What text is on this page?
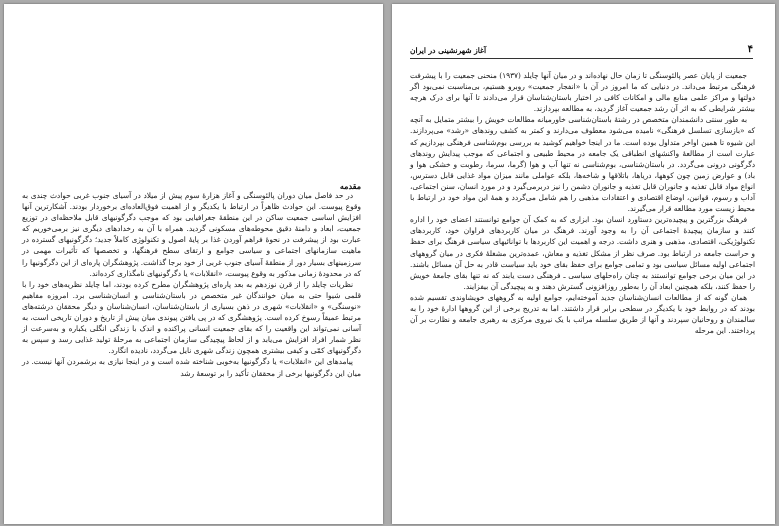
مقدمه

در حد فاصل میان دوران پالئوسنگی و آغاز هزارهٔ سوم پیش از میلاد در آسیای جنوب غربی حوادث چندی به وقوع پیوست. این حوادث ظاهراً در ارتباط با یکدیگر و از اهمیت فوق‌العاده‌ای برخوردار بودند. آشکارترین آنها افزایش اساسی جمعیت ساکن در این منطقهٔ جغرافیایی بود که موجب دگرگونیهای قابل ملاحظه‌ای در توزیع جمعیت، ابعاد و دامنهٔ دقیق محوطه‌های مسکونی گردید. همراه با آن به رخدادهای دیگری نیز برمی‌خوریم که عبارت بود از پیشرفت در نحوهٔ فراهم آوردن غذا بر پایهٔ اصول و تکنولوژی کاملاً جدید؛ دگرگونیهای گسترده در ماهیت سازمانهای اجتماعی و سیاسی جوامع و ارتقای سطح فرهنگها، و تخصصها که تأثیرات مهمی در سرزمینهای بسیار دور از منطقهٔ آسیای جنوب غربی از خود برجا گذاشت. پژوهشگران پاره‌ای از این دگرگونیها را که در محدودهٔ زمانی مذکور به وقوع پیوست، «انقلابات» یا دگرگونیهای نامگذاری کرده‌اند.

نظریات چایلد را از قرن نوزدهم به بعد پاره‌ای پژوهشگران مطرح کرده بودند، اما چایلد نظریه‌های خود را با قلمی شیوا حتی به میان خوانندگان غیر متخصص در باستان‌شناسی و انسان‌شناسی برد. امروزه مفاهیم «نوسنگی» و «انقلابات» شهری در ذهن بسیاری از باستان‌شناسان، انسان‌شناسان و دیگر محققان درشته‌های مرتبط عمیقاً رسوخ کرده است. پژوهشگری که در پی یافتن پیوندی میان پیش از تاریخ و دوران تاریخی است، به آسانی نمی‌تواند این واقعیت را که بقای جمعیت انسانی پراکنده و اندک با زندگی انگلی یکباره و به‌سرعت از نظر شمار افراد افزایش می‌یابد و از لحاظ پیچیدگی سازمان اجتماعی به مرحلهٔ تولید غذایی رسد و سپس به دگرگونیهای کمّی و کیفی بیشتری همچون زندگی شهری نایل می‌گردد، نادیده انگارد.

پیامدهای این «انقلابات» یا دگرگونیها به‌خوبی شناخته شده است و در اینجا نیازی به برشمردن آنها نیست. در میان این دگرگونیها برخی از محققان تأکید را بر توسعهٔ رشد

۴
آغاز شهرنشینی در ایران

جمعیت از پایان عصر پالئوسنگی تا زمان حال نهاده‌اند و در میان آنها چایلد (۱۹۳۷) منحنی جمعیت را با پیشرفت فرهنگی مرتبط می‌داند. در دنیایی که ما امروز در آن با «انفجار جمعیت» روبرو هستیم، بی‌مناسبت نمی‌بود اگر دولتها و مراکز علمی منابع مالی و امکانات کافی در اختیار باستان‌شناسان قرار می‌دادند تا آنها برای درک هرچه بیشتر شرایطی که به اثر آن رشد جمعیت آغاز گردید، به مطالعه بپردازند.

به طور سنتی دانشمندان متخصص در رشتهٔ باستان‌شناسی خاورمیانه مطالعات خویش را بیشتر متمایل به آنچه که «بازسازی تسلسل فرهنگی» نامیده می‌شود معطوف می‌دارند و کمتر به کشف روندهای «رشد» می‌پردازند. این شیوه تا همین اواخر متداول بوده است. ما در اینجا خواهیم کوشید به بررسی بوم‌شناسی فرهنگی بپردازیم که عبارت است از مطالعهٔ واکنشهای انطباقی یک جامعه در محیط طبیعی و اجتماعی که موجب پیدایش روندهای دگرگونی درونی می‌گردد. در باستان‌شناسی، بوم‌شناسی نه تنها آب و هوا (گرما، سرما، رطوبت و خشکی هوا و باد) و عوارض زمین چون کوهها، دریاها، باتلاقها و شاخه‌ها، بلکه عواملی مانند میزان مواد غذایی قابل دسترس، انواع مواد قابل تغذیه و جانوران قابل تغذیه و جانوران دشمن را نیز دربرمی‌گیرد و در مورد انسان، سنن اجتماعی، آداب و رسوم، قوانین، اوضاع اقتصادی و اعتقادات مذهبی را هم شامل می‌گردد و همهٔ این مواد خود در ارتباط با محیط زیست مورد مطالعه قرار می‌گیرند.

فرهنگ بزرگترین و پیچیده‌ترین دستاورد انسان بود. ابزاری که به کمک آن جوامع توانستند اعضای خود را اداره کنند و سازمان پیچیدهٔ اجتماعی آن را به وجود آورند. فرهنگ در میان کاربردهای فراوان خود، کاربردهای تکنولوژیکی، اقتصادی، مذهبی و هنری داشت. درجه و اهمیت این کاربردها با توانائیهای سیاسی فرهنگ برای حفظ و حراست جامعه در ارتباط بود. صرف نظر از مشکل تغذیه و معاش، عمده‌ترین مشغلهٔ فکری در میان گروههای اجتماعی اولیه مسائل سیاسی بود و تمامی جوامع برای حفظ بقای خود باید سیاست قادر به حل آن مسائل باشند. در این میان برخی جوامع توانستند به چنان راه‌حلهای سیاسی ـ فرهنگی دست یابند که نه تنها بقای جامعهٔ خویش را حفظ کنند، بلکه همچنین ابعاد آن را به‌طور روزافزونی گسترش دهند و به پیچیدگی آن بیفزایند.

همان گونه که از مطالعات انسان‌شناسان جدید آموخته‌ایم، جوامع اولیه به گروههای خویشاوندی تقسیم شده بودند که در روابط خود با یکدیگر در سطحی برابر قرار داشتند. اما به تدریج برخی از این گروهها ادارهٔ خود را به سالمندان و روحانیان سپردند و آنها از طریق سلسله مراتب با یک نیروی مرکزی به رهبری جامعه و نظارت بر آن پرداختند. این مرحله
